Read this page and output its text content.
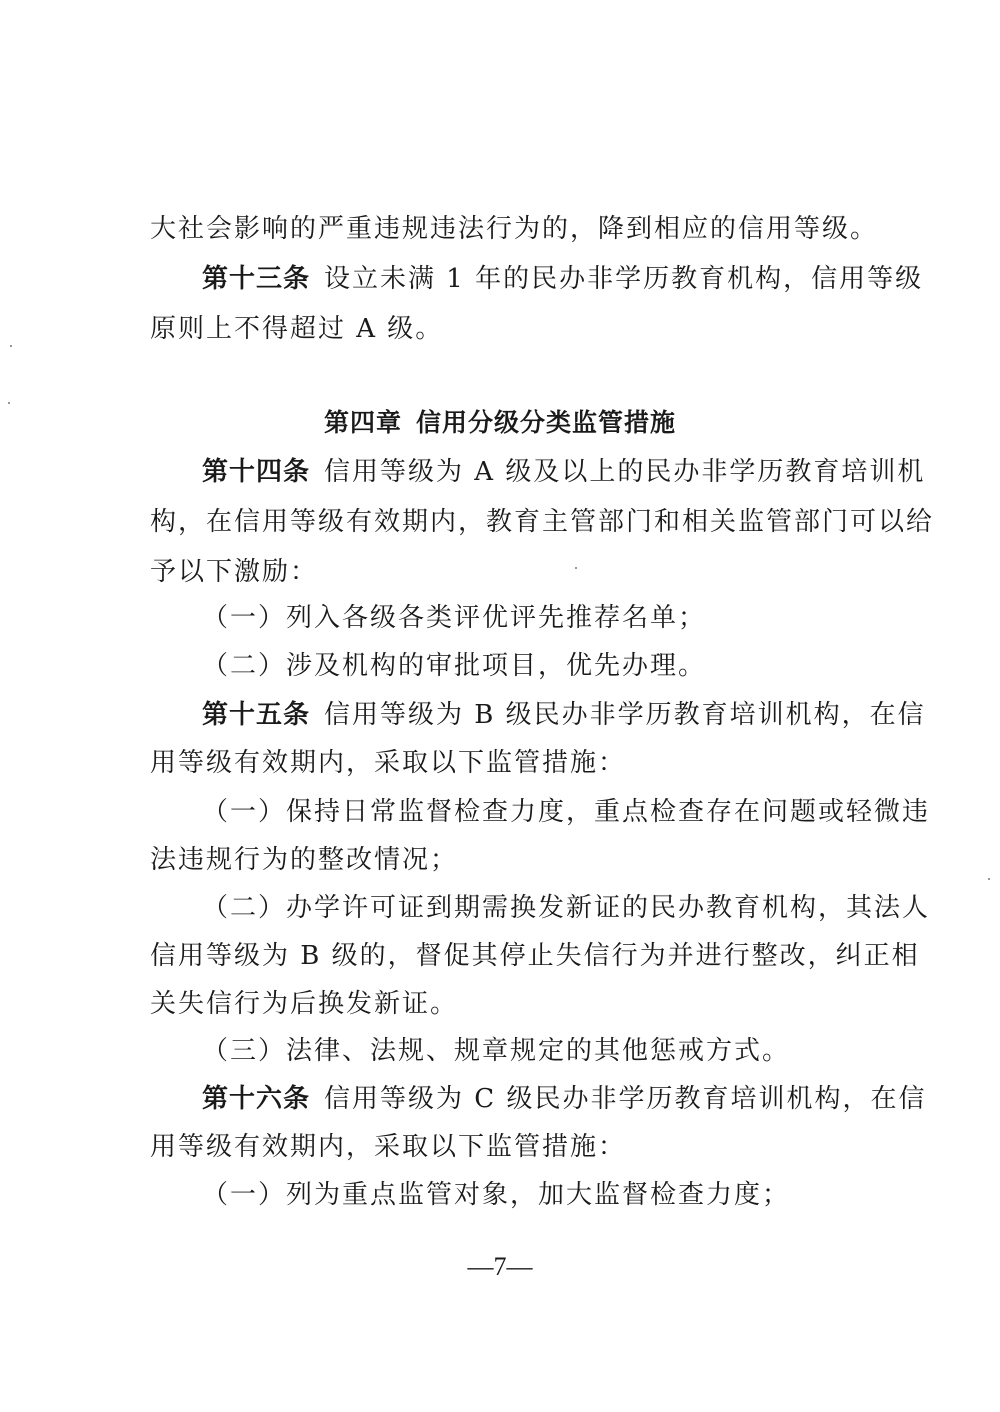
大社会影响的严重违规违法行为的，降到相应的信用等级。
第十三条 设立未满 1 年的民办非学历教育机构，信用等级
原则上不得超过 A 级。
第四章 信用分级分类监管措施
第十四条 信用等级为 A 级及以上的民办非学历教育培训机
构，在信用等级有效期内，教育主管部门和相关监管部门可以给
予以下激励：
（一）列入各级各类评优评先推荐名单；
（二）涉及机构的审批项目，优先办理。
第十五条 信用等级为 B 级民办非学历教育培训机构，在信
用等级有效期内，采取以下监管措施：
（一）保持日常监督检查力度，重点检查存在问题或轻微违
法违规行为的整改情况；
（二）办学许可证到期需换发新证的民办教育机构，其法人
信用等级为 B 级的，督促其停止失信行为并进行整改，纠正相
关失信行为后换发新证。
（三）法律、法规、规章规定的其他惩戒方式。
第十六条 信用等级为 C 级民办非学历教育培训机构，在信
用等级有效期内，采取以下监管措施：
（一）列为重点监管对象，加大监督检查力度；
—7—
